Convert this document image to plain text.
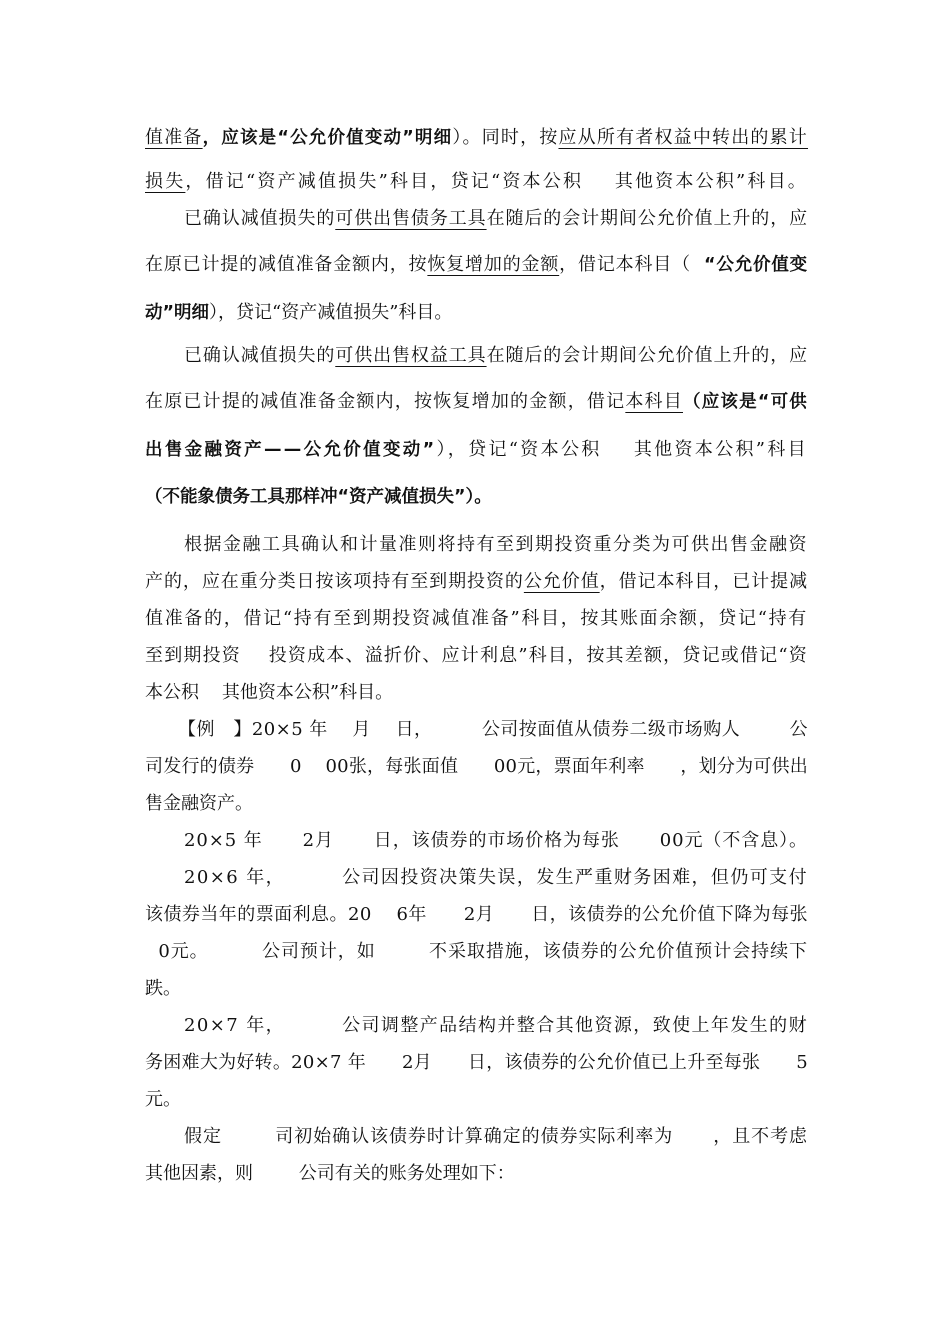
值准备，应该是“公允价值变动”明细）。同时，按应从所有者权益中转出的累计
损失，借记“资产减值损失”科目，贷记“资本公积    其他资本公积”科目。
已确认减值损失的可供出售债务工具在随后的会计期间公允价值上升的，应
在原已计提的减值准备金额内，按恢复增加的金额，借记本科目（  “公允价值变
动”明细），贷记“资产减值损失”科目。
已确认减值损失的可供出售权益工具在随后的会计期间公允价值上升的，应
在原已计提的减值准备金额内，按恢复增加的金额，借记本科目（应该是“可供
出售金融资产——公允价值变动”），贷记“资本公积    其他资本公积”科目
（不能象债务工具那样冲“资产减值损失”）。
根据金融工具确认和计量准则将持有至到期投资重分类为可供出售金融资
产的，应在重分类日按该项持有至到期投资的公允价值，借记本科目，已计提减
值准备的，借记“持有至到期投资减值准备”科目，按其账面余额，贷记“持有
至到期投资    投资成本、溢折价、应计利息”科目，按其差额，贷记或借记“资
本公积    其他资本公积”科目。
【例   】20×5 年    月    日，        公司按面值从债券二级市场购人        公
司发行的债券      0    00张，每张面值      00元，票面年利率      ，划分为可供出
售金融资产。
20×5 年      2月      日，该债券的市场价格为每张      00元（不含息）。
20×6 年，        公司因投资决策失误，发生严重财务困难，但仍可支付
该债券当年的票面利息。20    6年      2月      日，该债券的公允价值下降为每张
0元。        公司预计，如        不采取措施，该债券的公允价值预计会持续下
跌。
20×7 年，        公司调整产品结构并整合其他资源，致使上年发生的财
务困难大为好转。20×7 年      2月      日，该债券的公允价值已上升至每张      5
元。
假定        司初始确认该债券时计算确定的债券实际利率为      ，且不考虑
其他因素，则        公司有关的账务处理如下：
